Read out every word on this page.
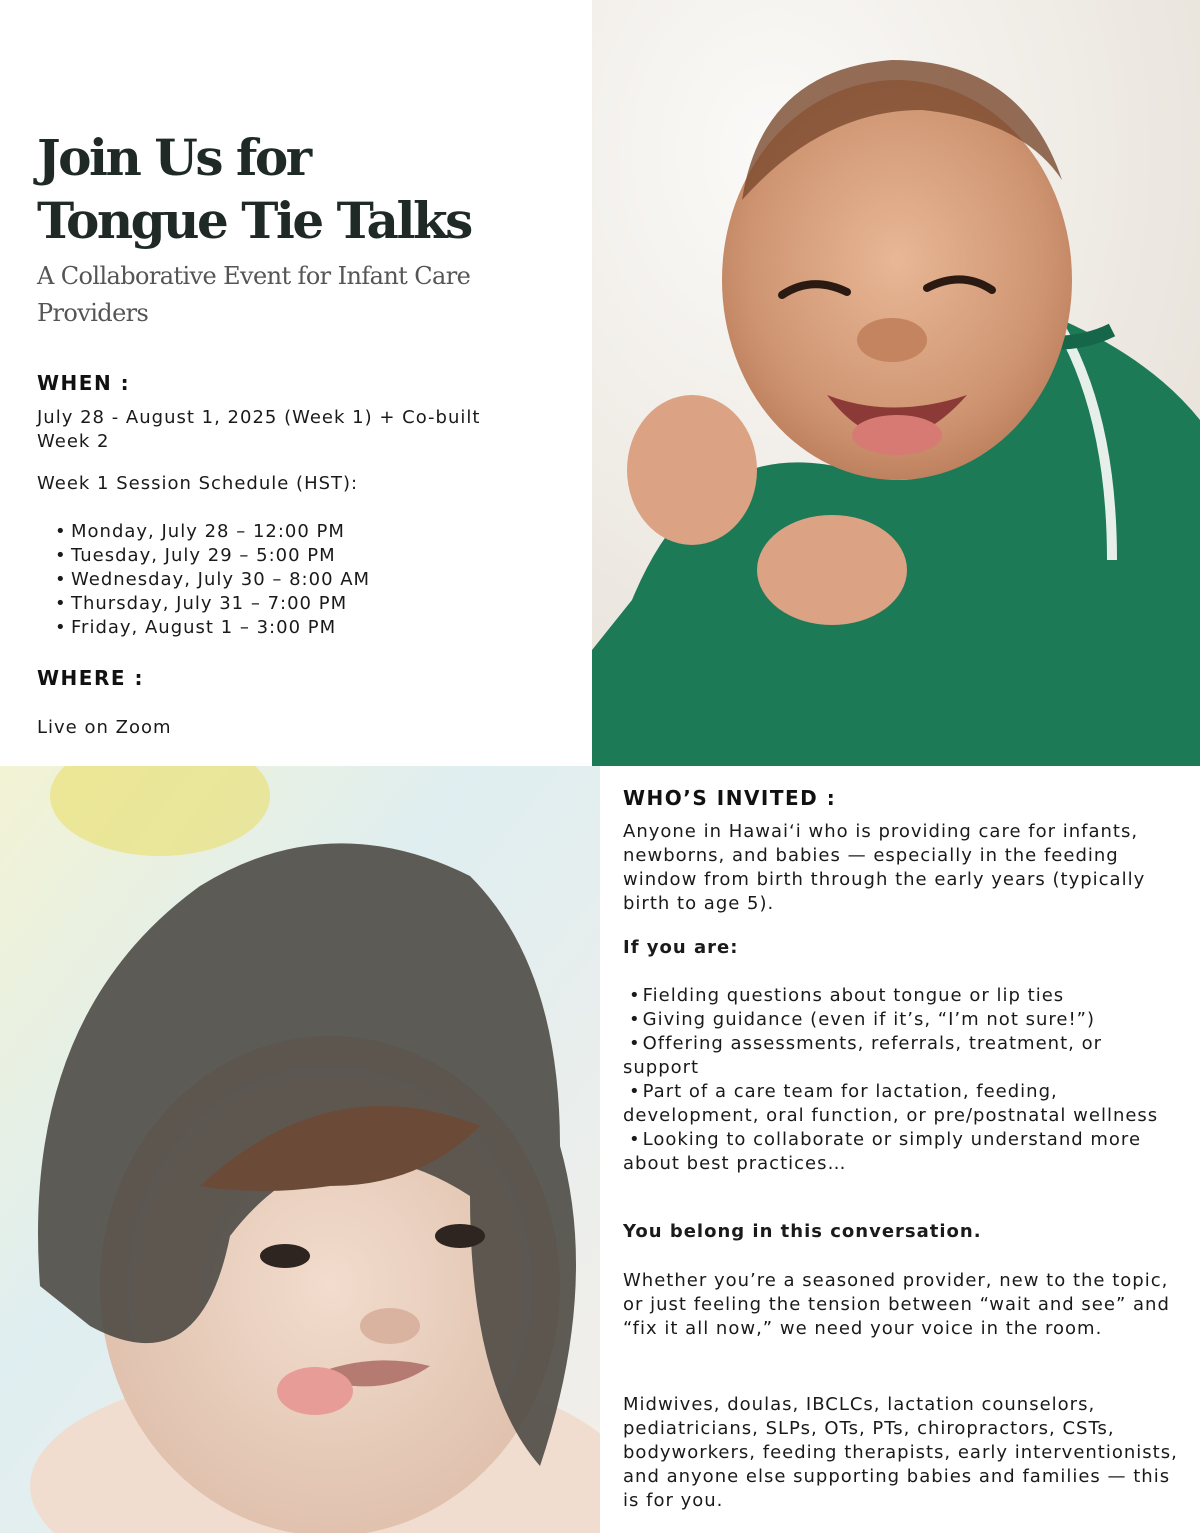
Join Us for
Tongue Tie Talks

A Collaborative Event for Infant Care Providers

WHEN :

July 28 - August 1, 2025 (Week 1) + Co-built Week 2

Week 1 Session Schedule (HST):

• Monday, July 28 – 12:00 PM
• Tuesday, July 29 – 5:00 PM
• Wednesday, July 30 – 8:00 AM
• Thursday, July 31 – 7:00 PM
• Friday, August 1 – 3:00 PM
WHERE :

Live on Zoom

WHO’S INVITED :

Anyone in Hawaiʻi who is providing care for infants, newborns, and babies — especially in the feeding window from birth through the early years (typically birth to age 5).

If you are:

• Fielding questions about tongue or lip ties
• Giving guidance (even if it’s, “I’m not sure!”)
• Offering assessments, referrals, treatment, or support
• Part of a care team for lactation, feeding, development, oral function, or pre/postnatal wellness
• Looking to collaborate or simply understand more about best practices…

You belong in this conversation.

Whether you’re a seasoned provider, new to the topic, or just feeling the tension between “wait and see” and “fix it all now,” we need your voice in the room.

Midwives, doulas, IBCLCs, lactation counselors, pediatricians, SLPs, OTs, PTs, chiropractors, CSTs, bodyworkers, feeding therapists, early interventionists, and anyone else supporting babies and families — this is for you.
